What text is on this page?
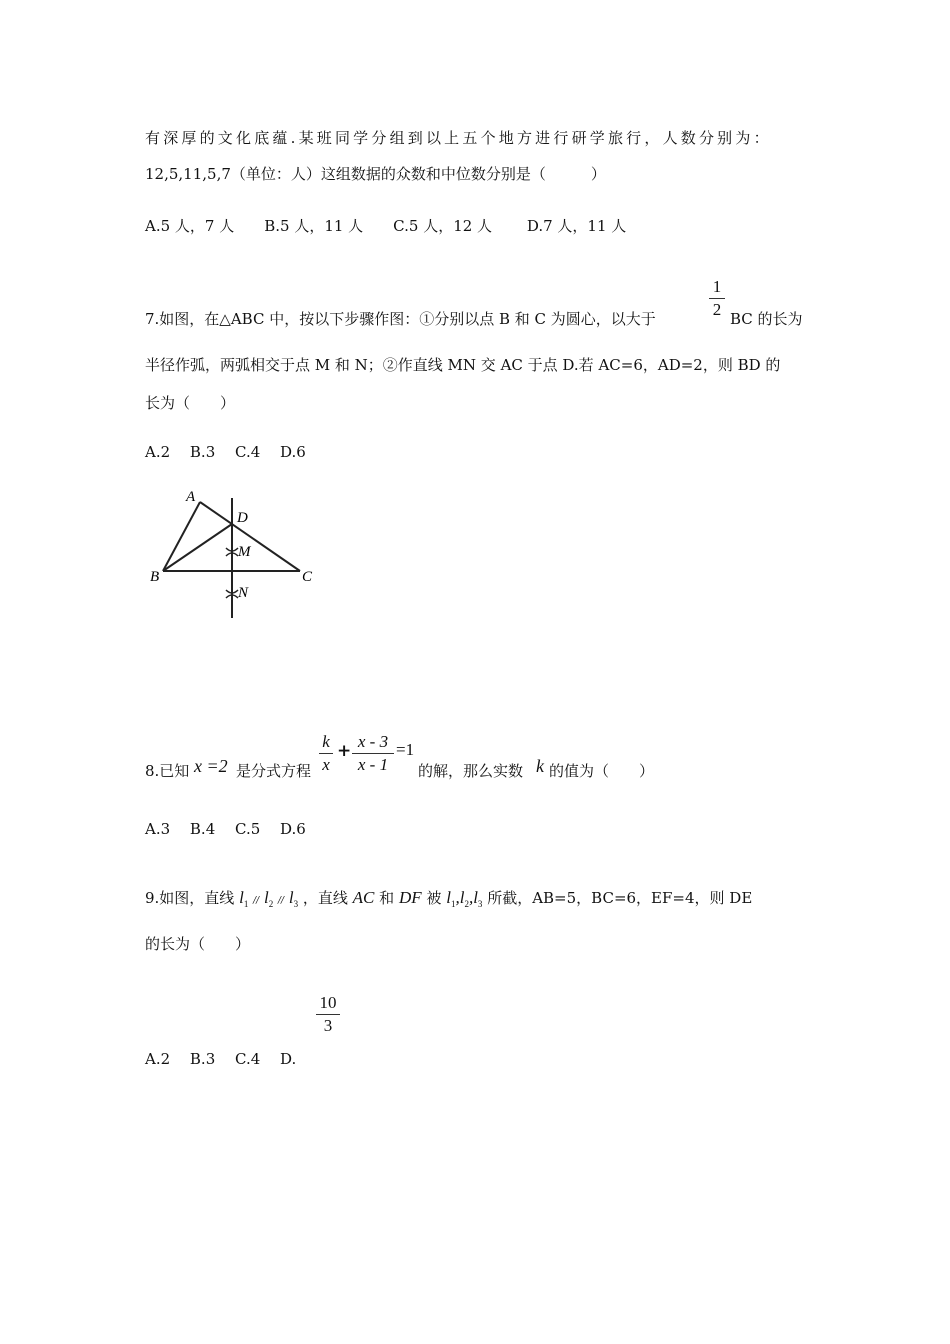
有深厚的文化底蕴.某班同学分组到以上五个地方进行研学旅行，人数分别为：
12,5,11,5,7（单位：人）这组数据的众数和中位数分别是（　　　）
A.5 人，7 人　　B.5 人，11 人　　C.5 人，12 人　　 D.7 人，11 人
1
2
7.如图，在△ABC 中，按以下步骤作图：①分别以点 B 和 C 为圆心，以大于	BC 的长为
半径作弧，两弧相交于点 M 和 N；②作直线 MN 交 AC 于点 D.若 AC=6，AD=2，则 BD 的
长为（　　）
A.2　 B.3　 C.4　 D.6
A
D
M
B	C
N
8.已知 x =2 是分式方程
k
x
+ x - 3
x - 1
=1
的解，那么实数 k 的值为（　　）
A.3　 B.4　 C.5　 D.6
9.如图，直线 $l_1 // l_2 // l_3$ ，直线 AC 和 DF 被 $l_1,l_2,l_3$ 所截，AB=5，BC=6，EF=4，则 DE
的长为（　　）
10
3
A.2　 B.3　 C.4　 D.
